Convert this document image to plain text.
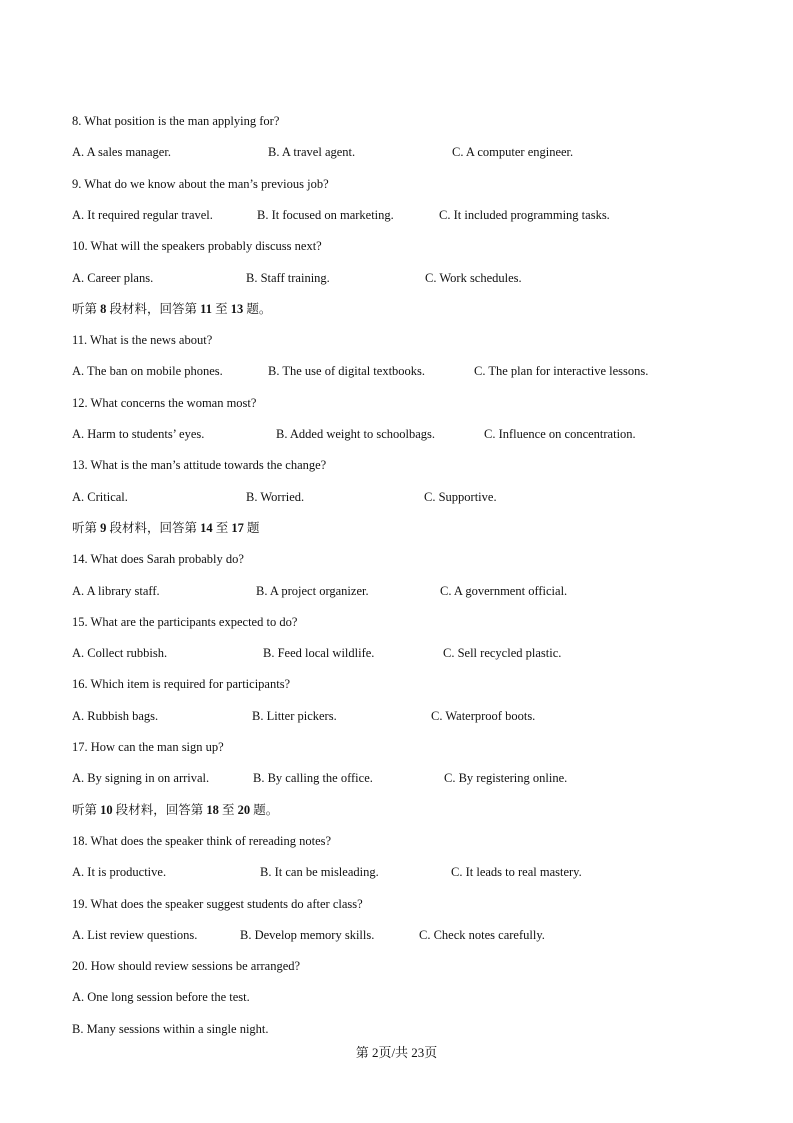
8. What position is the man applying for?
A. A sales manager.	B. A travel agent.	C. A computer engineer.
9. What do we know about the man’s previous job?
A. It required regular travel.	B. It focused on marketing.	C. It included programming tasks.
10. What will the speakers probably discuss next?
A. Career plans.	B. Staff training.	C. Work schedules.
听第 8 段材料，回答第 11 至 13 题。
11. What is the news about?
A. The ban on mobile phones.	B. The use of digital textbooks.	C. The plan for interactive lessons.
12. What concerns the woman most?
A. Harm to students’ eyes.	B. Added weight to schoolbags.	C. Influence on concentration.
13. What is the man’s attitude towards the change?
A. Critical.	B. Worried.	C. Supportive.
听第 9 段材料，回答第 14 至 17 题
14. What does Sarah probably do?
A. A library staff.	B. A project organizer.	C. A government official.
15. What are the participants expected to do?
A. Collect rubbish.	B. Feed local wildlife.	C. Sell recycled plastic.
16. Which item is required for participants?
A. Rubbish bags.	B. Litter pickers.	C. Waterproof boots.
17. How can the man sign up?
A. By signing in on arrival.	B. By calling the office.	C. By registering online.
听第 10 段材料，回答第 18 至 20 题。
18. What does the speaker think of rereading notes?
A. It is productive.	B. It can be misleading.	C. It leads to real mastery.
19. What does the speaker suggest students do after class?
A. List review questions.	B. Develop memory skills.	C. Check notes carefully.
20. How should review sessions be arranged?
A. One long session before the test.
B. Many sessions within a single night.
第 2页/共 23页
